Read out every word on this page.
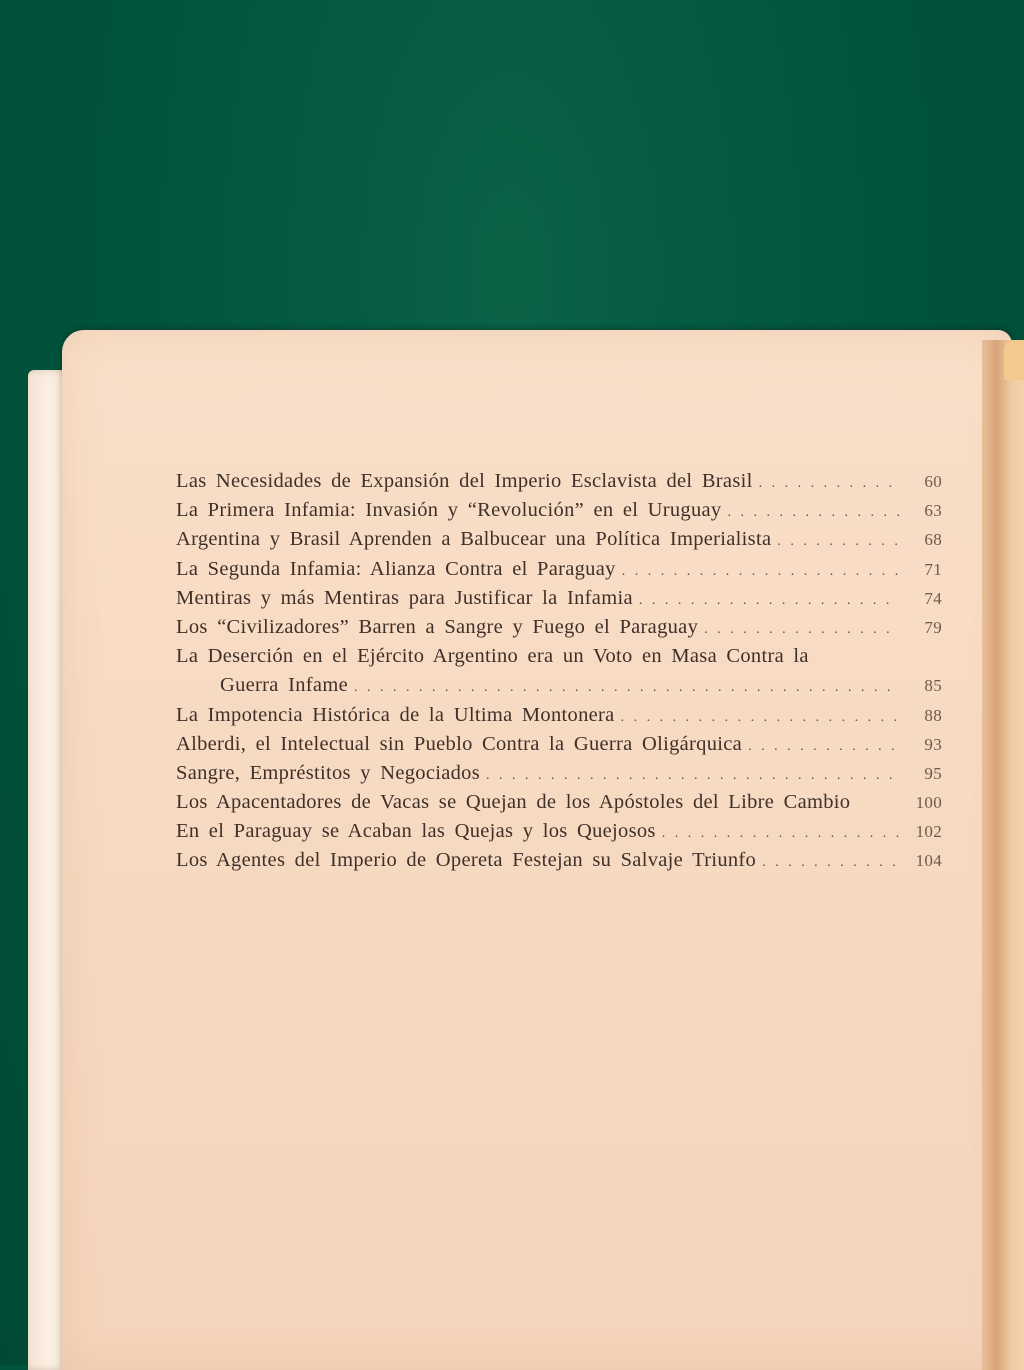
Las Necesidades de Expansión del Imperio Esclavista del Brasil . . .	60
La Primera Infamia: Invasión y “Revolución” en el Uruguay . . .	63
Argentina y Brasil Aprenden a Balbucear una Política Imperialista . . .	68
La Segunda Infamia: Alianza Contra el Paraguay . . .	71
Mentiras y más Mentiras para Justificar la Infamia . . .	74
Los “Civilizadores” Barren a Sangre y Fuego el Paraguay . . .	79
La Deserción en el Ejército Argentino era un Voto en Masa Contra la
Guerra Infame . . .	85
La Impotencia Histórica de la Ultima Montonera . . .	88
Alberdi, el Intelectual sin Pueblo Contra la Guerra Oligárquica . . .	93
Sangre, Empréstitos y Negociados . . .	95
Los Apacentadores de Vacas se Quejan de los Apóstoles del Libre Cambio	100
En el Paraguay se Acaban las Quejas y los Quejosos . . .	102
Los Agentes del Imperio de Opereta Festejan su Salvaje Triunfo . . .	104
